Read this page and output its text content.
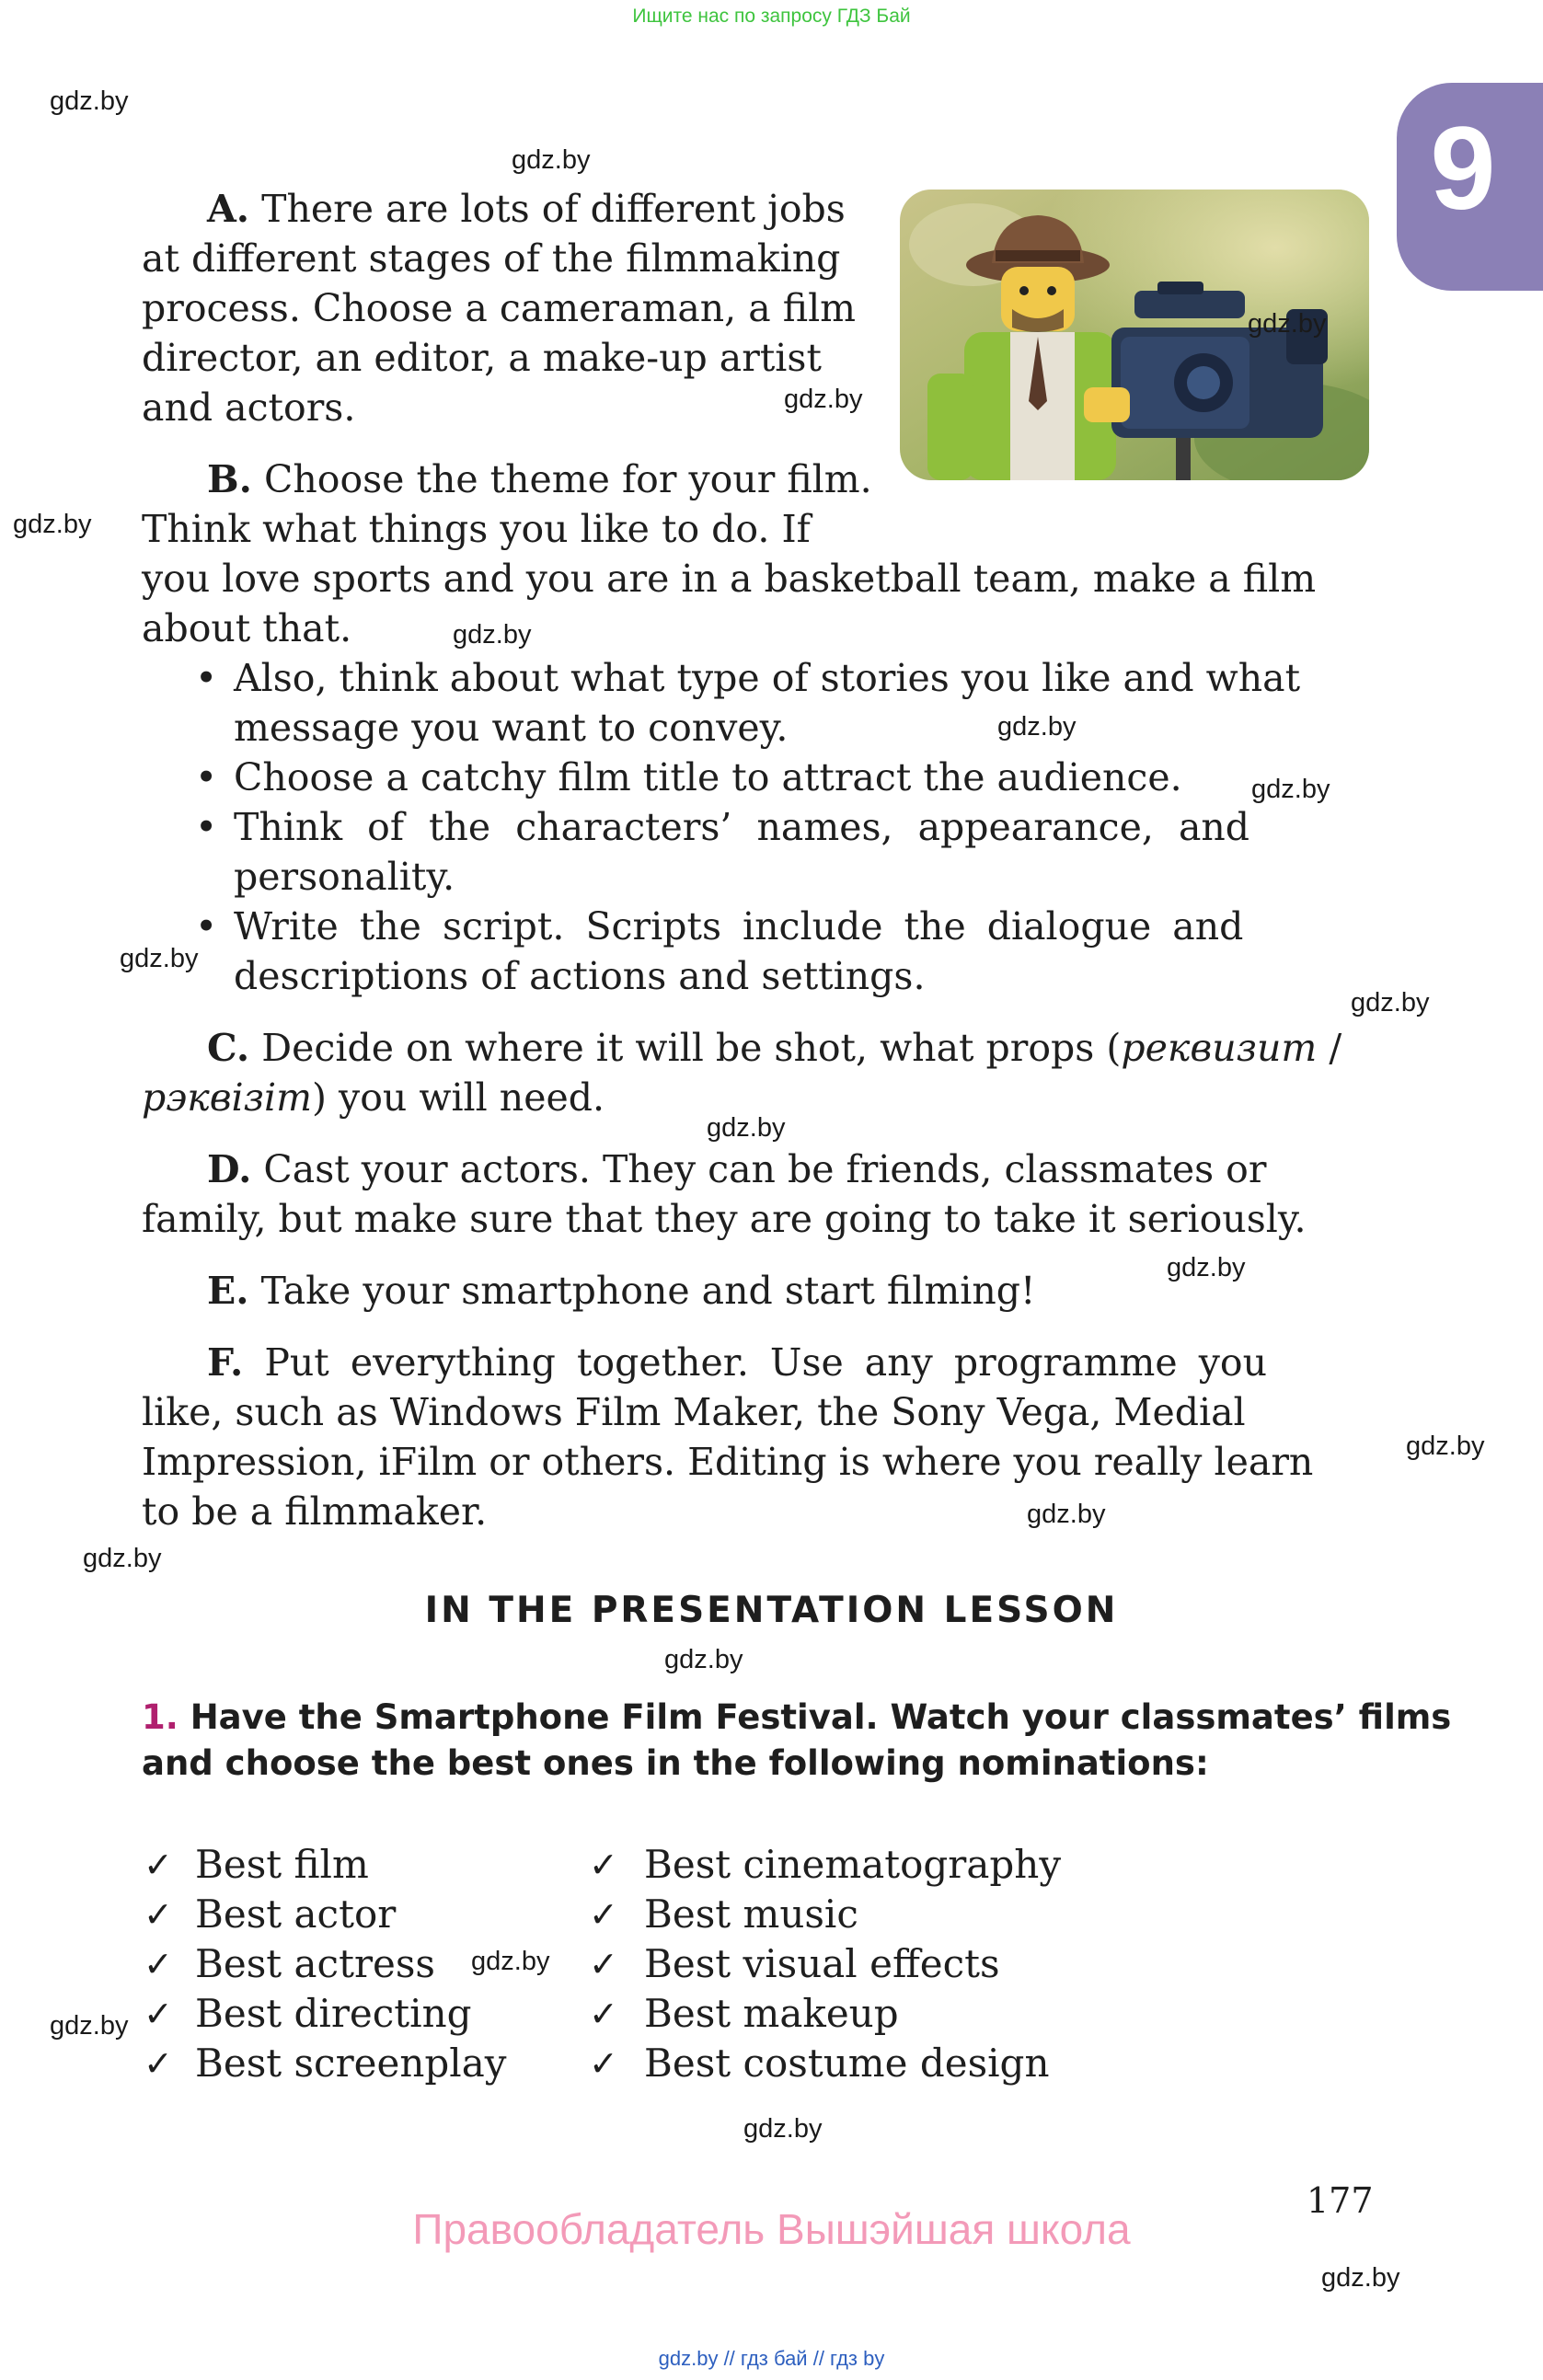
Ищите нас по запросу ГДЗ Бай
9
A. There are lots of different jobs
at different stages of the filmmaking
process. Choose a cameraman, a film
director, an editor, a make-up artist
and actors.
B. Choose the theme for your film.
Think what things you like to do. If
you love sports and you are in a basketball team, make a film
about that.
• Also, think about what type of stories you like and what
message you want to convey.
• Choose a catchy film title to attract the audience.
• Think of the characters’ names, appearance, and
personality.
• Write the script. Scripts include the dialogue and
descriptions of actions and settings.
C. Decide on where it will be shot, what props (реквизит /
рэквізіт) you will need.
D. Cast your actors. They can be friends, classmates or
family, but make sure that they are going to take it seriously.
E. Take your smartphone and start filming!
F. Put everything together. Use any programme you
like, such as Windows Film Maker, the Sony Vega, Medial
Impression, iFilm or others. Editing is where you really learn
to be a filmmaker.
IN THE PRESENTATION LESSON
1. Have the Smartphone Film Festival. Watch your classmates’ films
and choose the best ones in the following nominations:
✓ Best film
✓ Best actor
✓ Best actress
✓ Best directing
✓ Best screenplay
✓ Best cinematography
✓ Best music
✓ Best visual effects
✓ Best makeup
✓ Best costume design
gdz.by
gdz.by
gdz.by
gdz.by
gdz.by
gdz.by
gdz.by
gdz.by
gdz.by
gdz.by
gdz.by
gdz.by
gdz.by
gdz.by
gdz.by
gdz.by
gdz.by
gdz.by
gdz.by
gdz.by
177
Правообладатель Вышэйшая школа
gdz.by // гдз бай // гдз by
